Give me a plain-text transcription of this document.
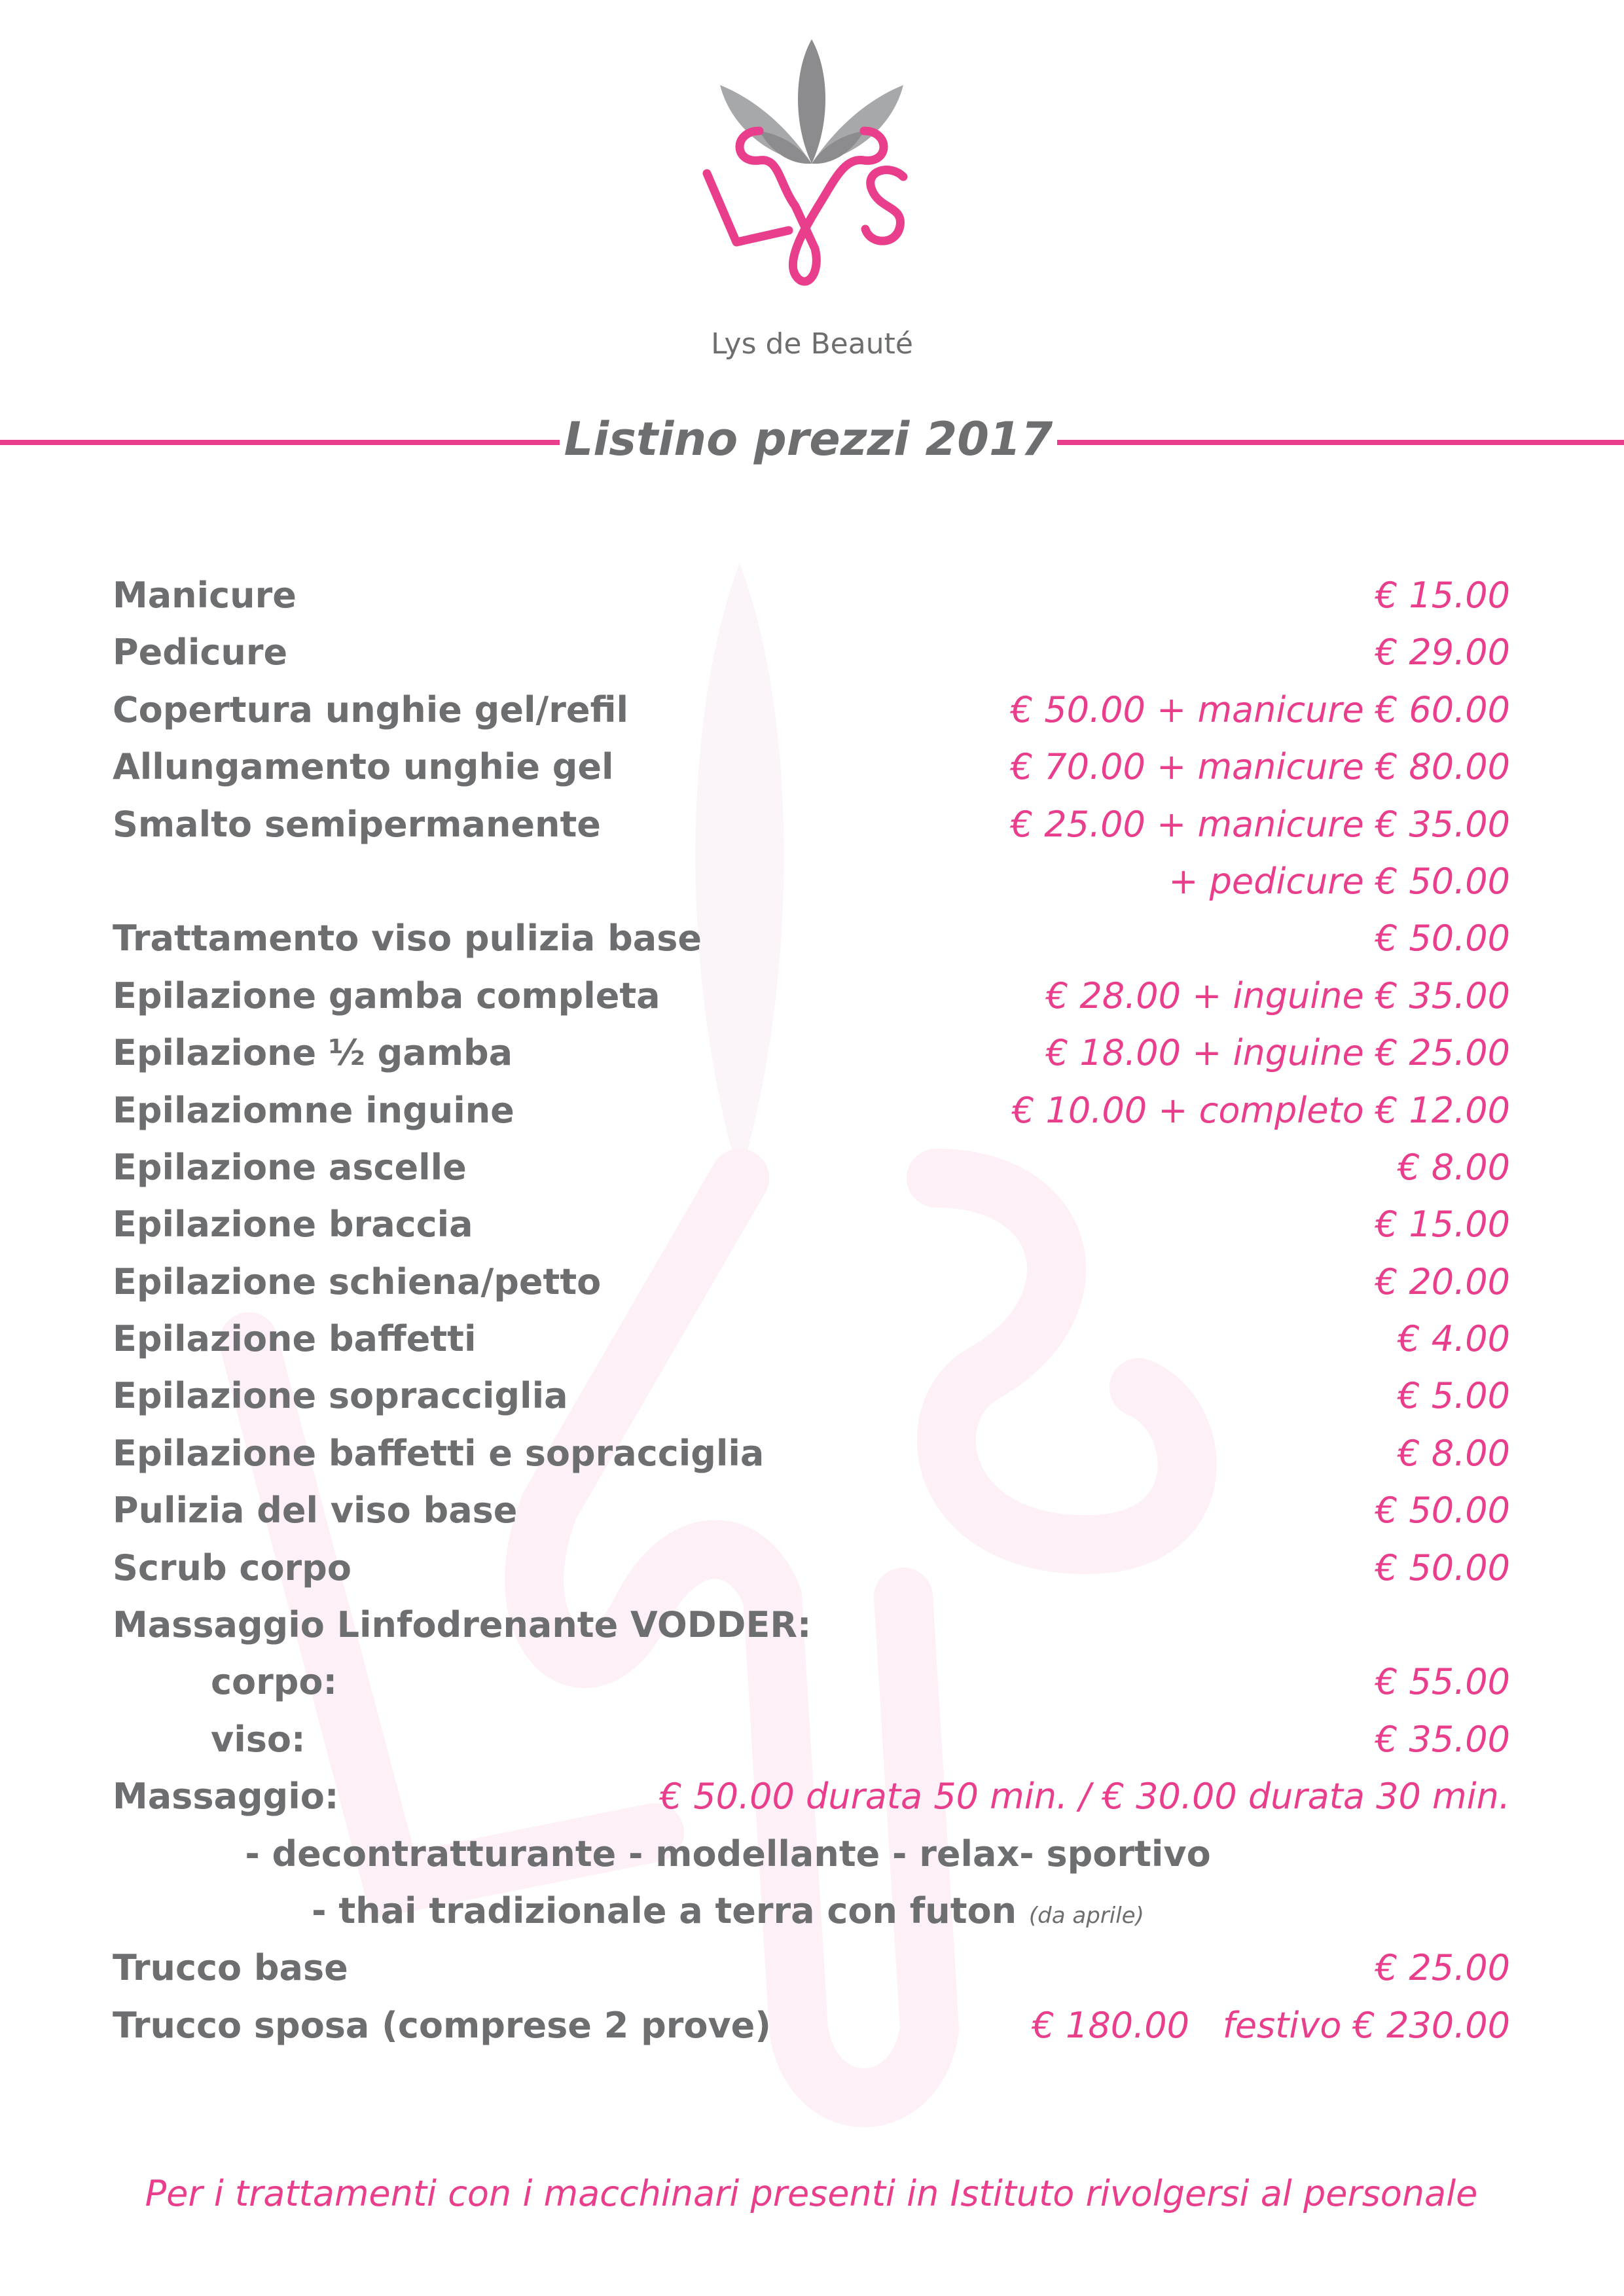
Lys de Beauté
Listino prezzi 2017
Manicure	€ 15.00
Pedicure	€ 29.00
Copertura unghie gel/refil	€ 50.00 + manicure € 60.00
Allungamento unghie gel	€ 70.00 + manicure € 80.00
Smalto semipermanente	€ 25.00 + manicure € 35.00
+ pedicure € 50.00
Trattamento viso pulizia base	€ 50.00
Epilazione gamba completa	€ 28.00 + inguine € 35.00
Epilazione ½ gamba	€ 18.00 + inguine € 25.00
Epilaziomne inguine	€ 10.00 + completo € 12.00
Epilazione ascelle	€ 8.00
Epilazione braccia	€ 15.00
Epilazione schiena/petto	€ 20.00
Epilazione baffetti	€ 4.00
Epilazione sopracciglia	€ 5.00
Epilazione baffetti e sopracciglia	€ 8.00
Pulizia del viso base	€ 50.00
Scrub corpo	€ 50.00
Massaggio Linfodrenante VODDER:
corpo:	€ 55.00
viso:	€ 35.00
Massaggio:	€ 50.00 durata 50 min. / € 30.00 durata 30 min.
- decontratturante - modellante - relax- sportivo
- thai tradizionale a terra con futon (da aprile)
Trucco base	€ 25.00
Trucco sposa (comprese 2 prove)	€ 180.00 festivo € 230.00
Per i trattamenti con i macchinari presenti in Istituto rivolgersi al personale
